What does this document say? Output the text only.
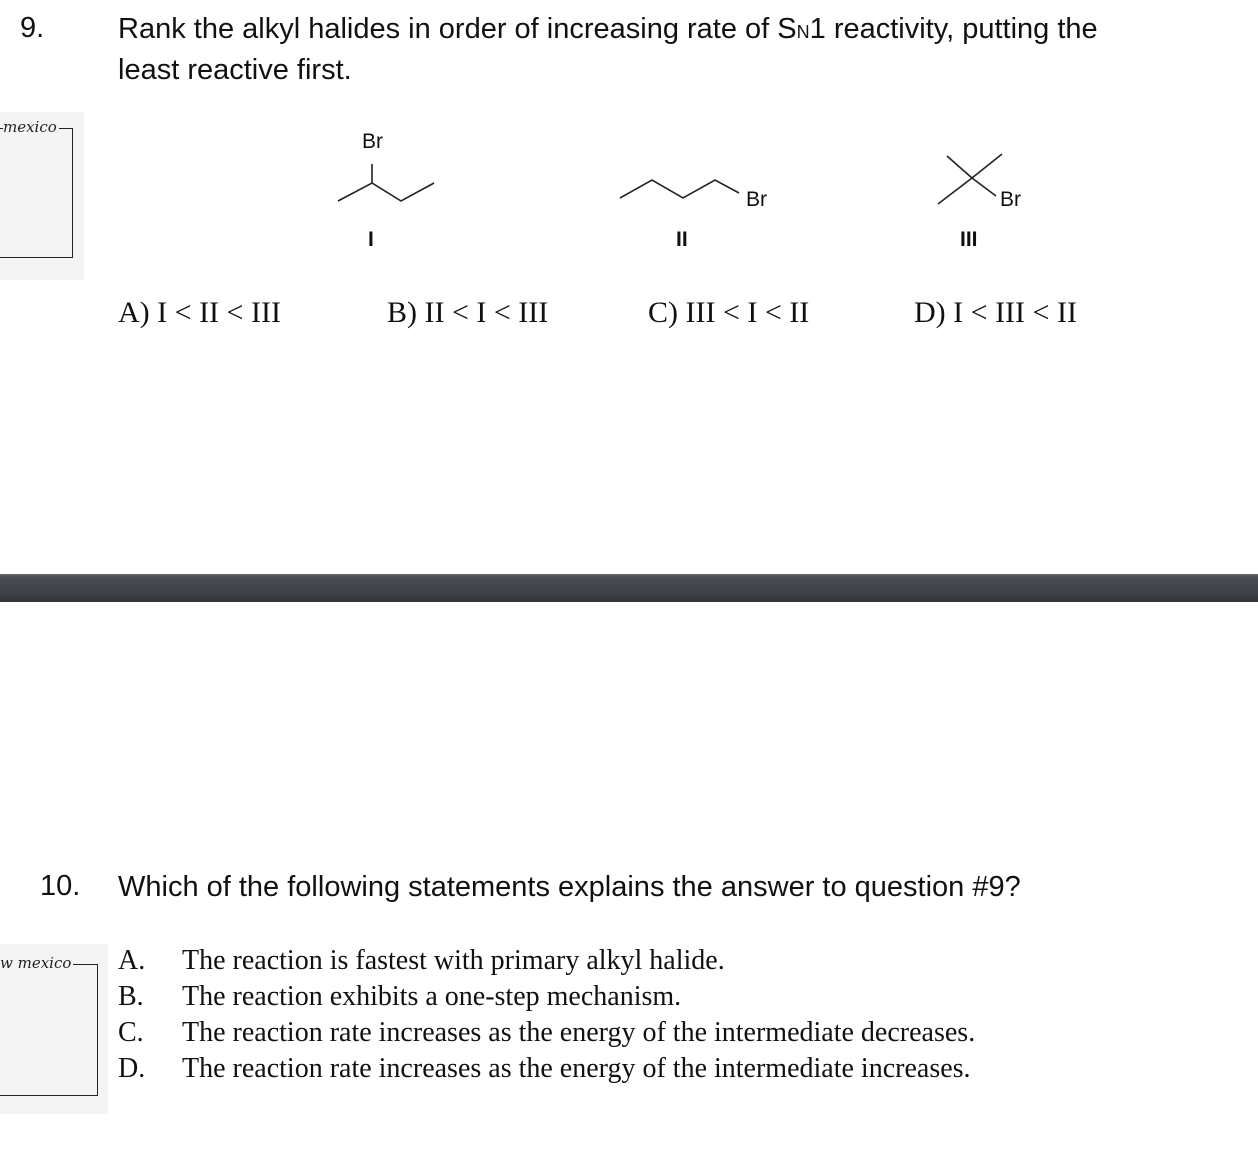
9.	Rank the alkyl halides in order of increasing rate of SN1 reactivity, putting the
least reactive first.
mexico
Br
I
Br
II
Br
III
A) I < II < III	B) II < I < III	C) III < I < II	D) I < III < II
10. Which of the following statements explains the answer to question #9?
w mexico A.	The reaction is fastest with primary alkyl halide.
B.	The reaction exhibits a one-step mechanism.
C.	The reaction rate increases as the energy of the intermediate decreases.
D.	The reaction rate increases as the energy of the intermediate increases.
